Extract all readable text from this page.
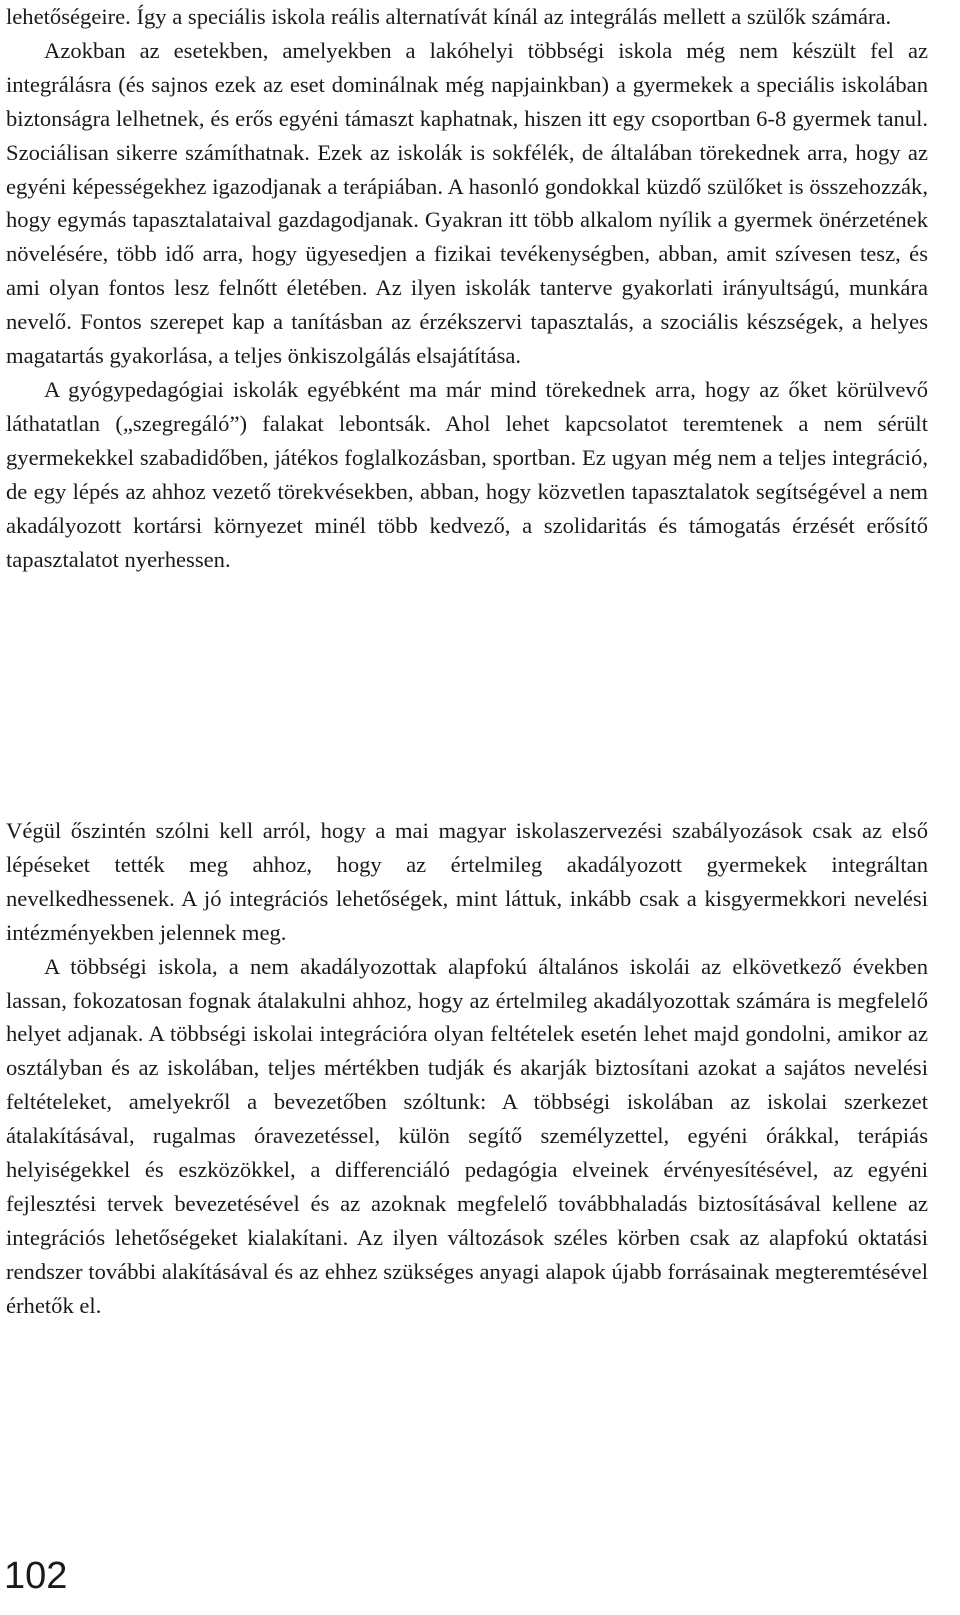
lehetőségeire. Így a speciális iskola reális alternatívát kínál az integrálás mellett a szülők számára.

Azokban az esetekben, amelyekben a lakóhelyi többségi iskola még nem készült fel az integrálásra (és sajnos ezek az eset dominálnak még napjainkban) a gyermekek a speciális iskolában biztonságra lelhetnek, és erős egyéni támaszt kaphatnak, hiszen itt egy csoportban 6-8 gyermek tanul. Szociálisan sikerre számíthatnak. Ezek az iskolák is sokfélék, de általában törekednek arra, hogy az egyéni képességekhez igazodjanak a terápiában. A hasonló gondokkal küzdő szülőket is összehozzák, hogy egymás tapasztalataival gazdagodjanak. Gyakran itt több alkalom nyílik a gyermek önérzetének növelésére, több idő arra, hogy ügyesedjen a fizikai tevékenységben, abban, amit szívesen tesz, és ami olyan fontos lesz felnőtt életében. Az ilyen iskolák tanterve gyakorlati irányultságú, munkára nevelő. Fontos szerepet kap a tanításban az érzékszervi tapasztalás, a szociális készségek, a helyes magatartás gyakorlása, a teljes önkiszolgálás elsajátítása.

A gyógypedagógiai iskolák egyébként ma már mind törekednek arra, hogy az őket körülvevő láthatatlan („szegregáló”) falakat lebontsák. Ahol lehet kapcsolatot teremtenek a nem sérült gyermekekkel szabadidőben, játékos foglalkozásban, sportban. Ez ugyan még nem a teljes integráció, de egy lépés az ahhoz vezető törekvésekben, abban, hogy közvetlen tapasztalatok segítségével a nem akadályozott kortársi környezet minél több kedvező, a szolidaritás és támogatás érzését erősítő tapasztalatot nyerhessen.

Végül őszintén szólni kell arról, hogy a mai magyar iskolaszervezési szabályozások csak az első lépéseket tették meg ahhoz, hogy az értelmileg akadályozott gyermekek integráltan nevelkedhessenek. A jó integrációs lehetőségek, mint láttuk, inkább csak a kisgyermekkori nevelési intézményekben jelennek meg.

A többségi iskola, a nem akadályozottak alapfokú általános iskolái az elkövetkező években lassan, fokozatosan fognak átalakulni ahhoz, hogy az értelmileg akadályozottak számára is megfelelő helyet adjanak. A többségi iskolai integrációra olyan feltételek esetén lehet majd gondolni, amikor az osztályban és az iskolában, teljes mértékben tudják és akarják biztosítani azokat a sajátos nevelési feltételeket, amelyekről a bevezetőben szóltunk: A többségi iskolában az iskolai szerkezet átalakításával, rugalmas óravezetéssel, külön segítő személyzettel, egyéni órákkal, terápiás helyiségekkel és eszközökkel, a differenciáló pedagógia elveinek érvényesítésével, az egyéni fejlesztési tervek bevezetésével és az azoknak megfelelő továbbhaladás biztosításával kellene az integrációs lehetőségeket kialakítani. Az ilyen változások széles körben csak az alapfokú oktatási rendszer további alakításával és az ehhez szükséges anyagi alapok újabb forrásainak megteremtésével érhetők el.

102
